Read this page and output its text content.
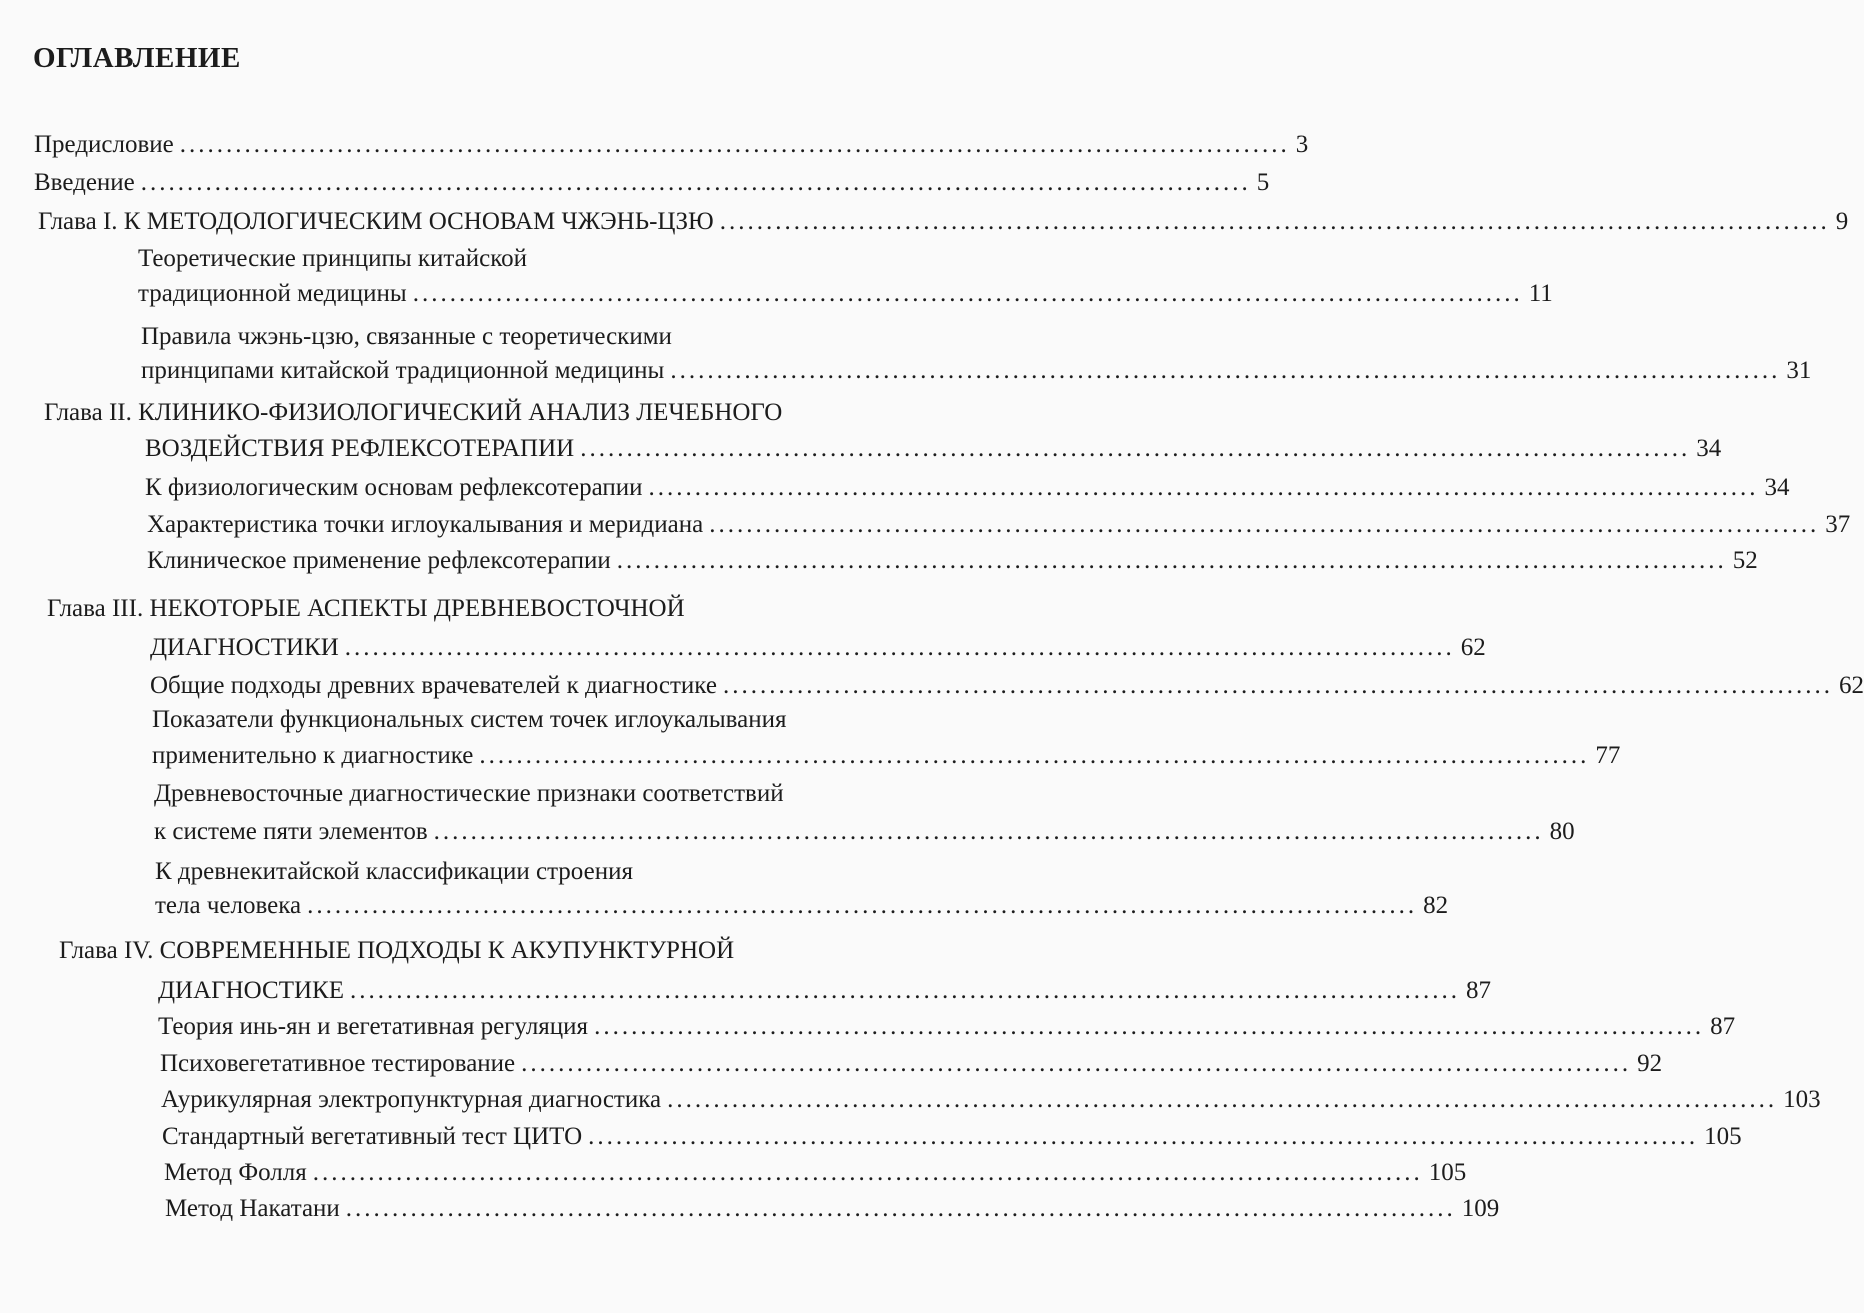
ОГЛАВЛЕНИЕ
Предисловие ........................................................................................................................ 3
Введение ........................................................................................................................ 5
Глава I. К МЕТОДОЛОГИЧЕСКИМ ОСНОВАМ ЧЖЭНЬ-ЦЗЮ ........................................................................................................................ 9
Теоретические принципы китайской
традиционной медицины ........................................................................................................................ 11
Правила чжэнь-цзю, связанные с теоретическими
принципами китайской традиционной медицины ........................................................................................................................ 31
Глава II. КЛИНИКО-ФИЗИОЛОГИЧЕСКИЙ АНАЛИЗ ЛЕЧЕБНОГО
ВОЗДЕЙСТВИЯ РЕФЛЕКСОТЕРАПИИ ........................................................................................................................ 34
К физиологическим основам рефлексотерапии ........................................................................................................................ 34
Характеристика точки иглоукалывания и меридиана ........................................................................................................................ 37
Клиническое применение рефлексотерапии ........................................................................................................................ 52
Глава III. НЕКОТОРЫЕ АСПЕКТЫ ДРЕВНЕВОСТОЧНОЙ
ДИАГНОСТИКИ ........................................................................................................................ 62
Общие подходы древних врачевателей к диагностике ........................................................................................................................ 62
Показатели функциональных систем точек иглоукалывания
применительно к диагностике ........................................................................................................................ 77
Древневосточные диагностические признаки соответствий
к системе пяти элементов ........................................................................................................................ 80
К древнекитайской классификации строения
тела человека ........................................................................................................................ 82
Глава IV. СОВРЕМЕННЫЕ ПОДХОДЫ К АКУПУНКТУРНОЙ
ДИАГНОСТИКЕ ........................................................................................................................ 87
Теория инь-ян и вегетативная регуляция ........................................................................................................................ 87
Психовегетативное тестирование ........................................................................................................................ 92
Аурикулярная электропунктурная диагностика ........................................................................................................................ 103
Стандартный вегетативный тест ЦИТО ........................................................................................................................ 105
Метод Фолля ........................................................................................................................ 105
Метод Накатани ........................................................................................................................ 109
